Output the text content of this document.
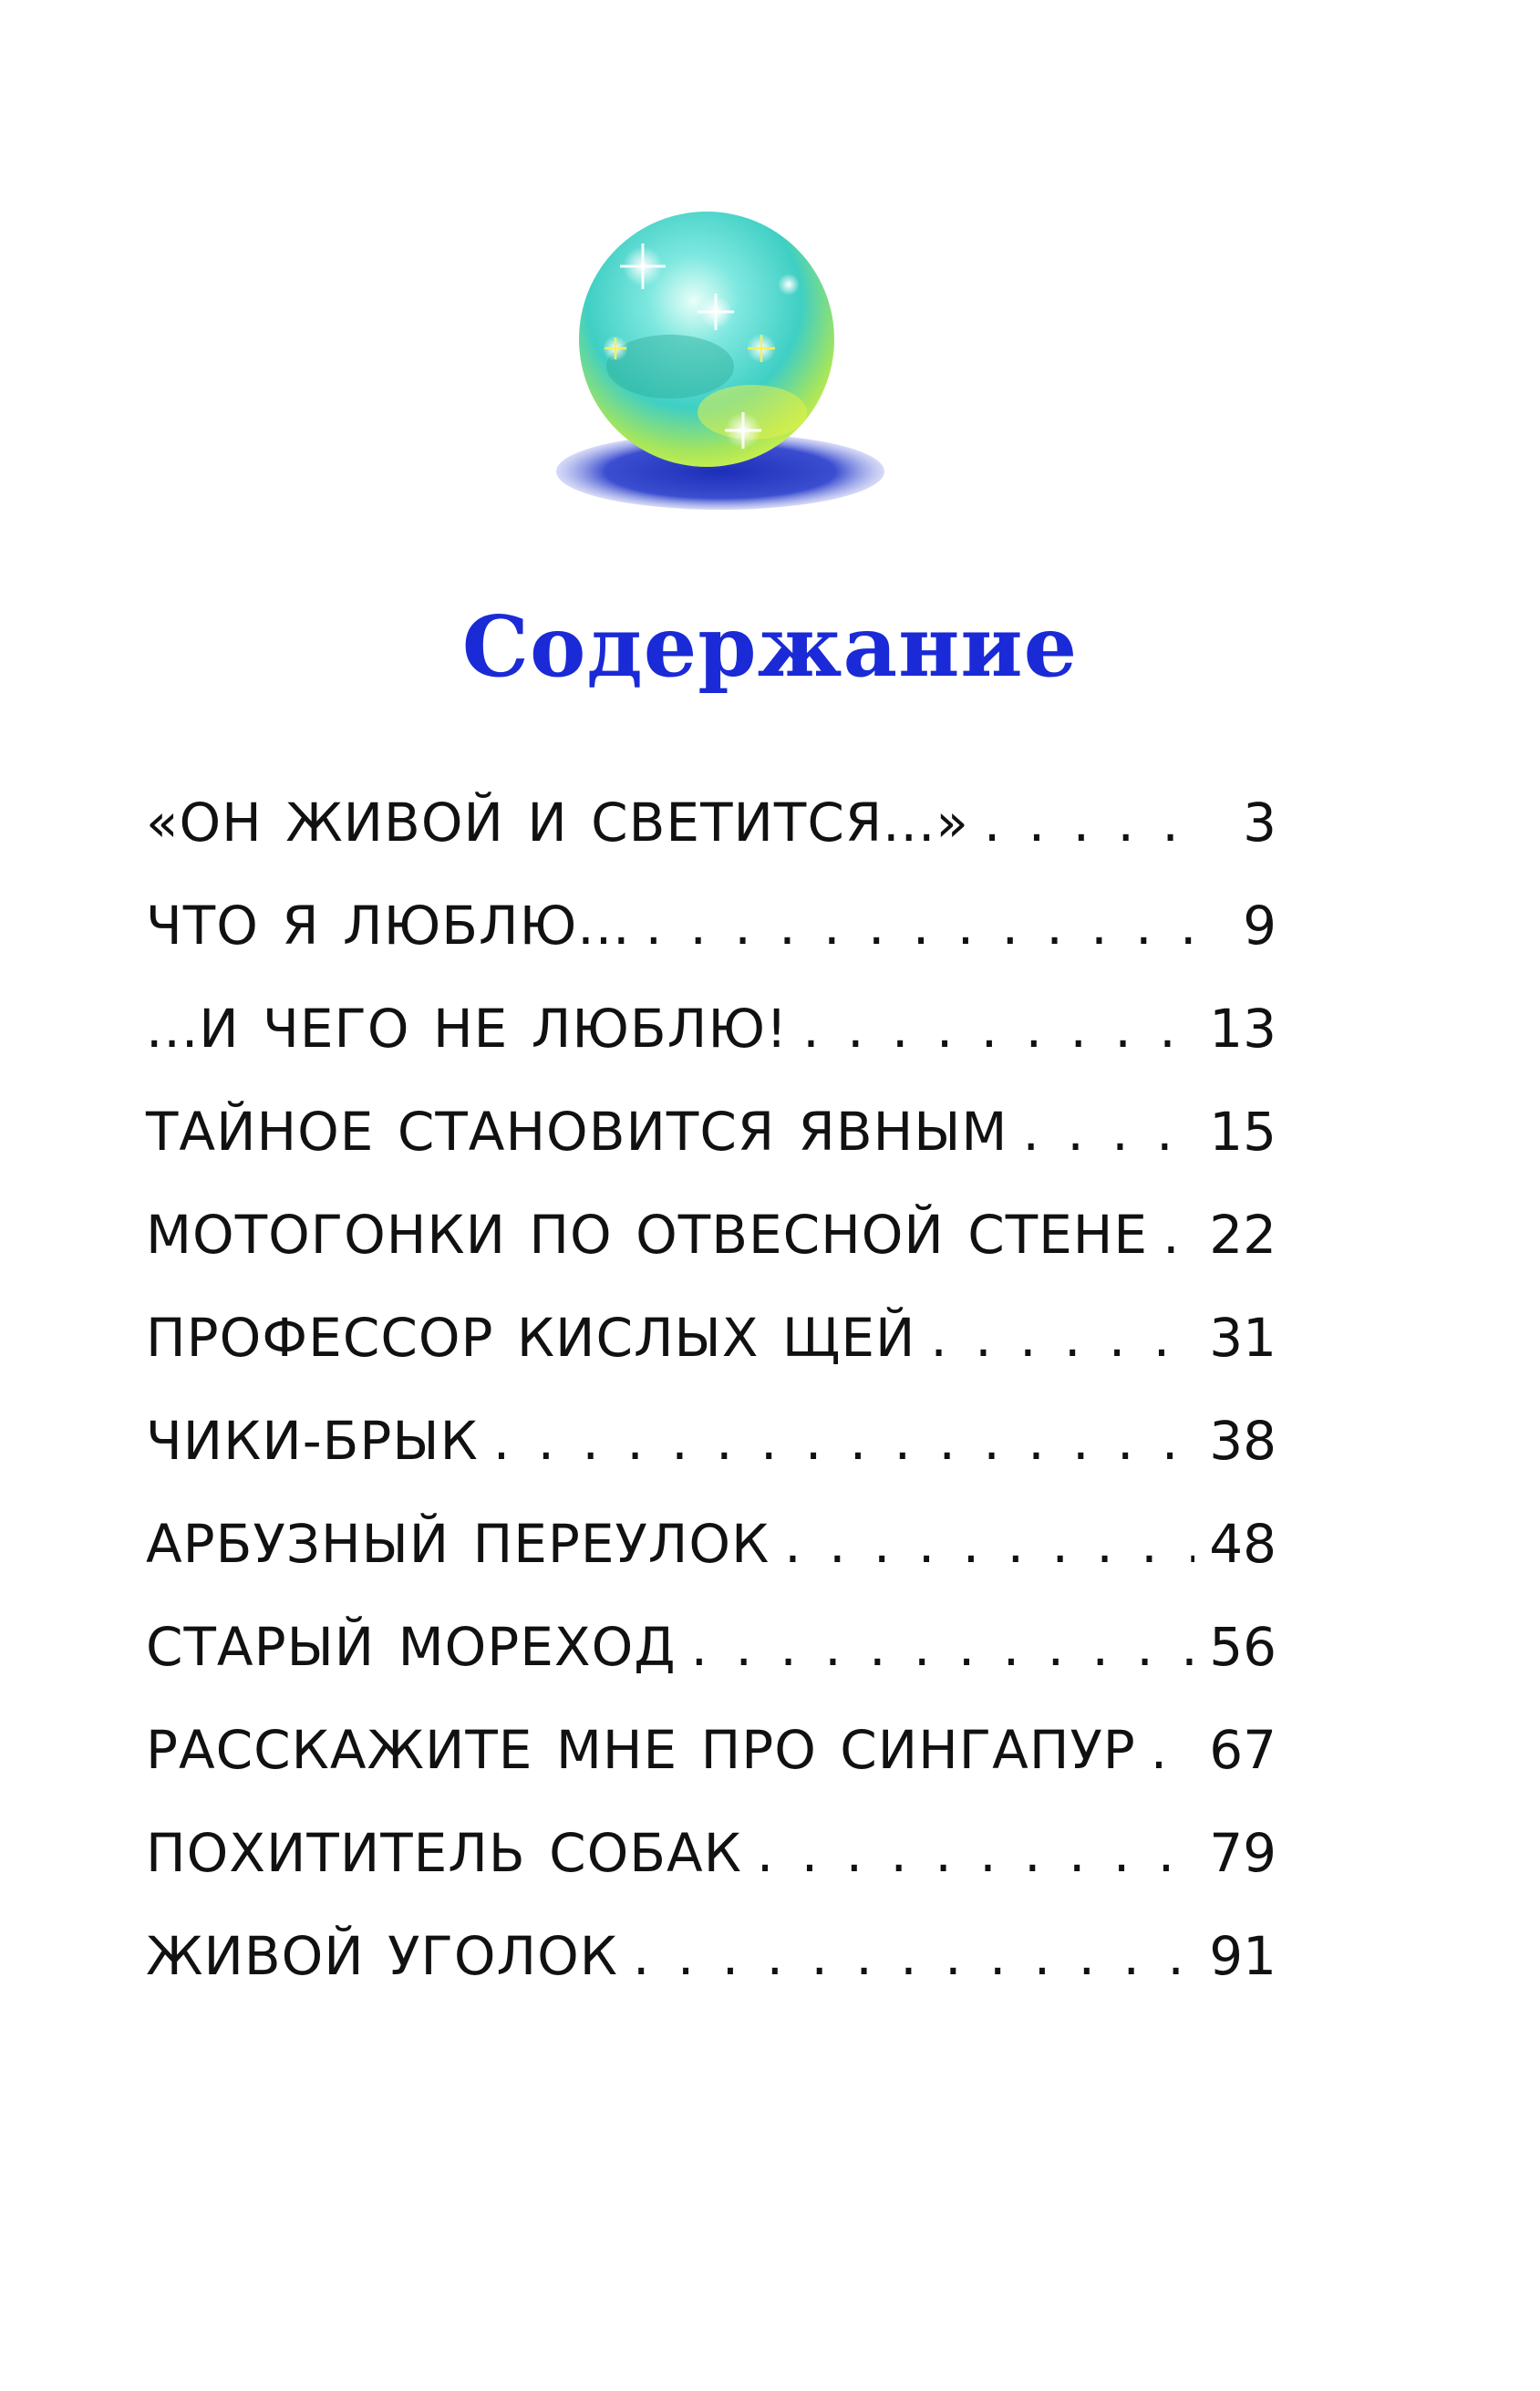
Содержание
«ОН ЖИВОЙ И СВЕТИТСЯ...» . . .	3
ЧТО Я ЛЮБЛЮ... . . .	9
...И ЧЕГО НЕ ЛЮБЛЮ! . . .	13
ТАЙНОЕ СТАНОВИТСЯ ЯВНЫМ . . .	15
МОТОГОНКИ ПО ОТВЕСНОЙ СТЕНЕ . . . 22
ПРОФЕССОР КИСЛЫХ ЩЕЙ . . .	31
ЧИКИ-БРЫК . . .	38
АРБУЗНЫЙ ПЕРЕУЛОК . . .	48
СТАРЫЙ МОРЕХОД . . .	56
РАССКАЖИТЕ МНЕ ПРО СИНГАПУР . . . 67
ПОХИТИТЕЛЬ СОБАК . . .	79
ЖИВОЙ УГОЛОК . . .	91
